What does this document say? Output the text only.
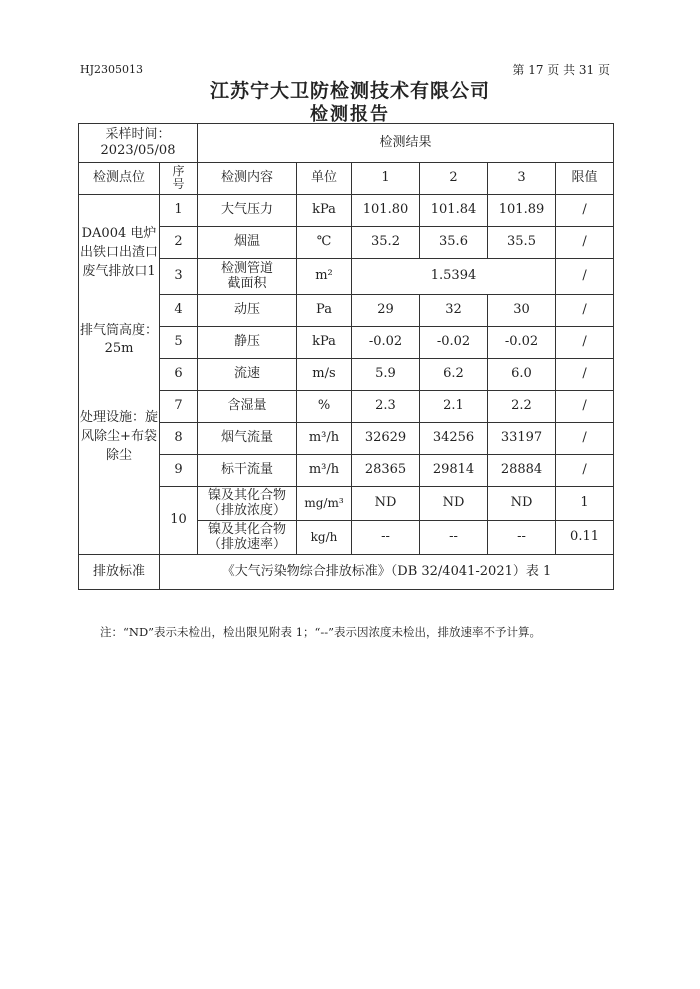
HJ2305013	第 17 页 共 31 页
江苏宁大卫防检测技术有限公司
检测报告
采样时间：
2023/05/08		检测结果					
检测点位	序号	检测内容	单位	1	2	3	限值

DA004 电炉出铁口出渣口废气排放口1
排气筒高度：25m
处理设施：旋风除尘+布袋除尘	1	大气压力	kPa	101.80	101.84	101.89	/
	2	烟温	℃	35.2	35.6	35.5	/
	3	检测管道截面积	m²	1.5394			/
	4	动压	Pa	29	32	30	/
	5	静压	kPa	-0.02	-0.02	-0.02	/
	6	流速	m/s	5.9	6.2	6.0	/
	7	含湿量	%	2.3	2.1	2.2	/
	8	烟气流量	m³/h	32629	34256	33197	/
	9	标干流量	m³/h	28365	29814	28884	/
	10	镍及其化合物（排放浓度）	mg/m³	ND	ND	ND	1
		镍及其化合物（排放速率）	kg/h	--	--	--	0.11
排放标准	《大气污染物综合排放标准》（DB 32/4041-2021）表 1						
注：“ND”表示未检出，检出限见附表 1；“--”表示因浓度未检出，排放速率不予计算。
